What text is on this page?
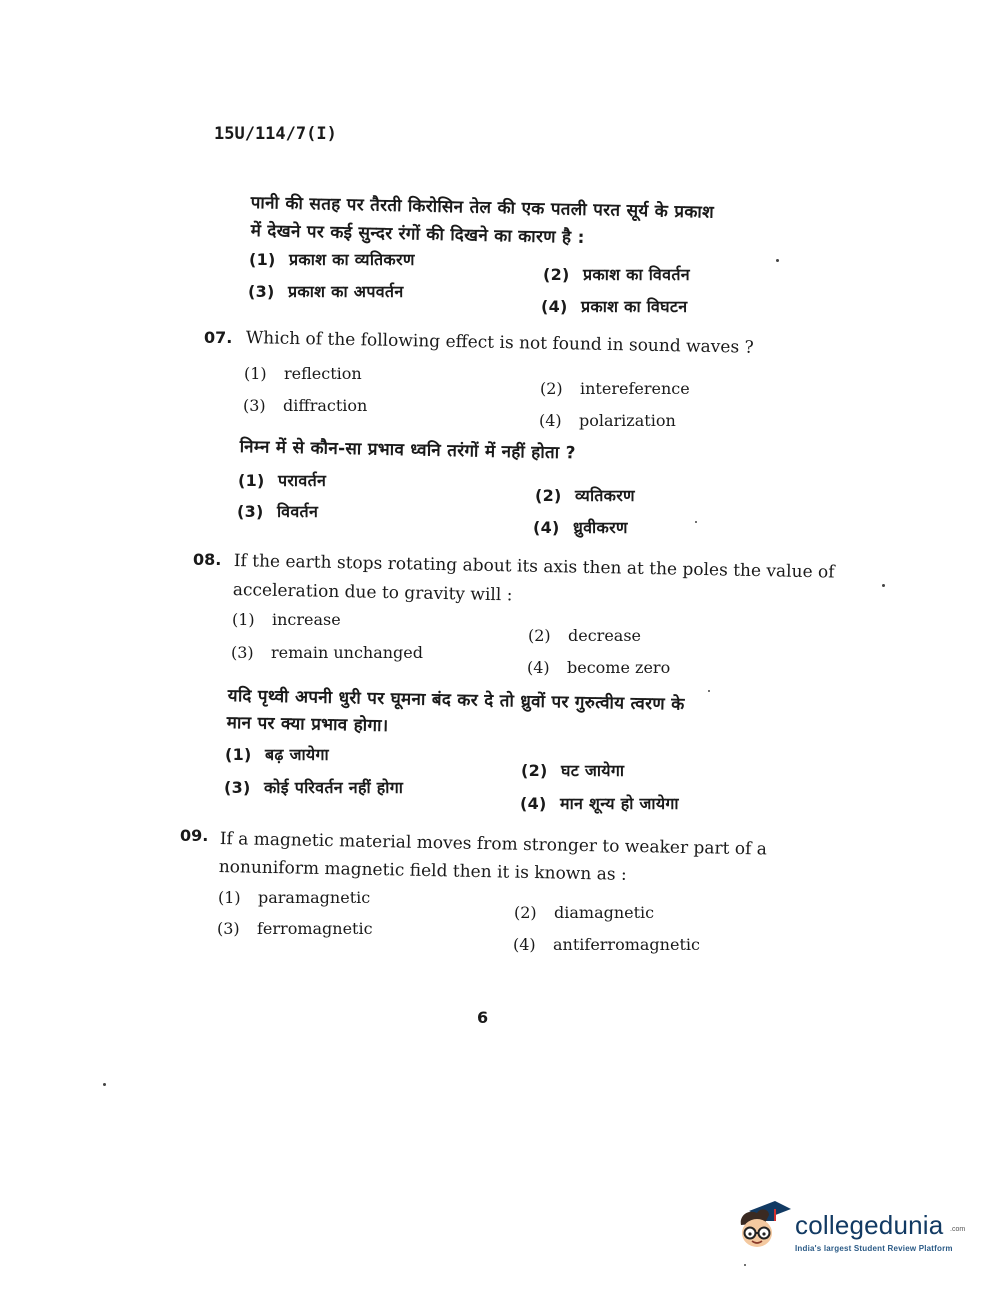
15U/114/7(I)
पानी की सतह पर तैरती किरोसिन तेल की एक पतली परत सूर्य के प्रकाश
में देखने पर कई सुन्दर रंगों की दिखने का कारण है :
(1) प्रकाश का व्यतिकरण
(2) प्रकाश का विवर्तन
(3) प्रकाश का अपवर्तन
(4) प्रकाश का विघटन
07. Which of the following effect is not found in sound waves ?
(1) reflection
(2) intereference
(3) diffraction
(4) polarization
निम्न में से कौन-सा प्रभाव ध्वनि तरंगों में नहीं होता ?
(1) परावर्तन
(2) व्यतिकरण
(3) विवर्तन
(4) ध्रुवीकरण
08. If the earth stops rotating about its axis then at the poles the value of
acceleration due to gravity will :
(1) increase
(2) decrease
(3) remain unchanged
(4) become zero
यदि पृथ्वी अपनी धुरी पर घूमना बंद कर दे तो ध्रुवों पर गुरुत्वीय त्वरण के
मान पर क्या प्रभाव होगा।
(1) बढ़ जायेगा
(2) घट जायेगा
(3) कोई परिवर्तन नहीं होगा
(4) मान शून्य हो जायेगा
09. If a magnetic material moves from stronger to weaker part of a
nonuniform magnetic field then it is known as :
(1) paramagnetic
(2) diamagnetic
(3) ferromagnetic
(4) antiferromagnetic
6
collegedunia .com
India's largest Student Review Platform
